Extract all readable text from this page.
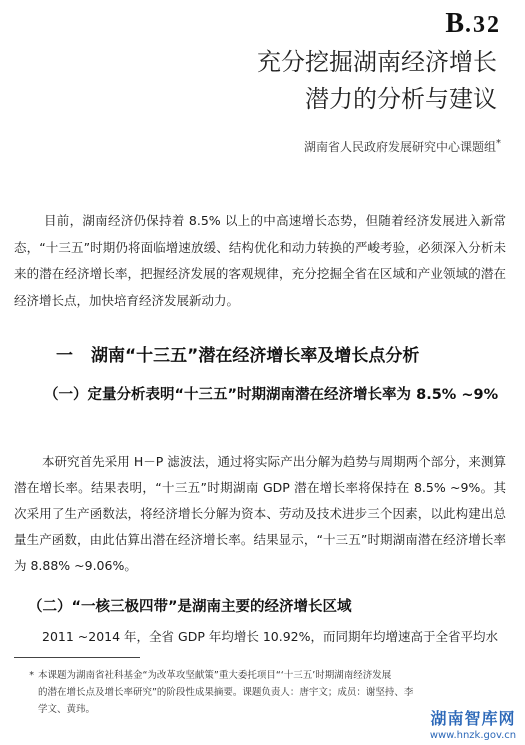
B.32
充分挖掘湖南经济增长
潜力的分析与建议
湖南省人民政府发展研究中心课题组*
目前，湖南经济仍保持着 8.5% 以上的中高速增长态势，但随着经济发展进入新常态，“十三五”时期仍将面临增速放缓、结构优化和动力转换的严峻考验，必须深入分析未来的潜在经济增长率，把握经济发展的客观规律，充分挖掘全省在区域和产业领域的潜在经济增长点，加快培育经济发展新动力。
一 湖南“十三五”潜在经济增长率及增长点分析
（一）定量分析表明“十三五”时期湖南潜在经济增长率为 8.5% ~9%
本研究首先采用 H－P 滤波法，通过将实际产出分解为趋势与周期两个部分，来测算潜在增长率。结果表明，“十三五”时期湖南 GDP 潜在增长率将保持在 8.5% ~9%。其次采用了生产函数法，将经济增长分解为资本、劳动及技术进步三个因素，以此构建出总量生产函数，由此估算出潜在经济增长率。结果显示，“十三五”时期湖南潜在经济增长率为 8.88% ~9.06%。
（二）“一核三极四带”是湖南主要的经济增长区域
2011 ~2014 年，全省 GDP 年均增长 10.92%，而同期年均增速高于全省平均水
* 本课题为湖南省社科基金“为改革攻坚献策”重大委托项目“‘十三五’时期湖南经济发展
的潜在增长点及增长率研究”的阶段性成果摘要。课题负责人：唐宇文；成员：谢坚持、李
学文、黄玮。	湖南智库网
www.hnzk.gov.cn
